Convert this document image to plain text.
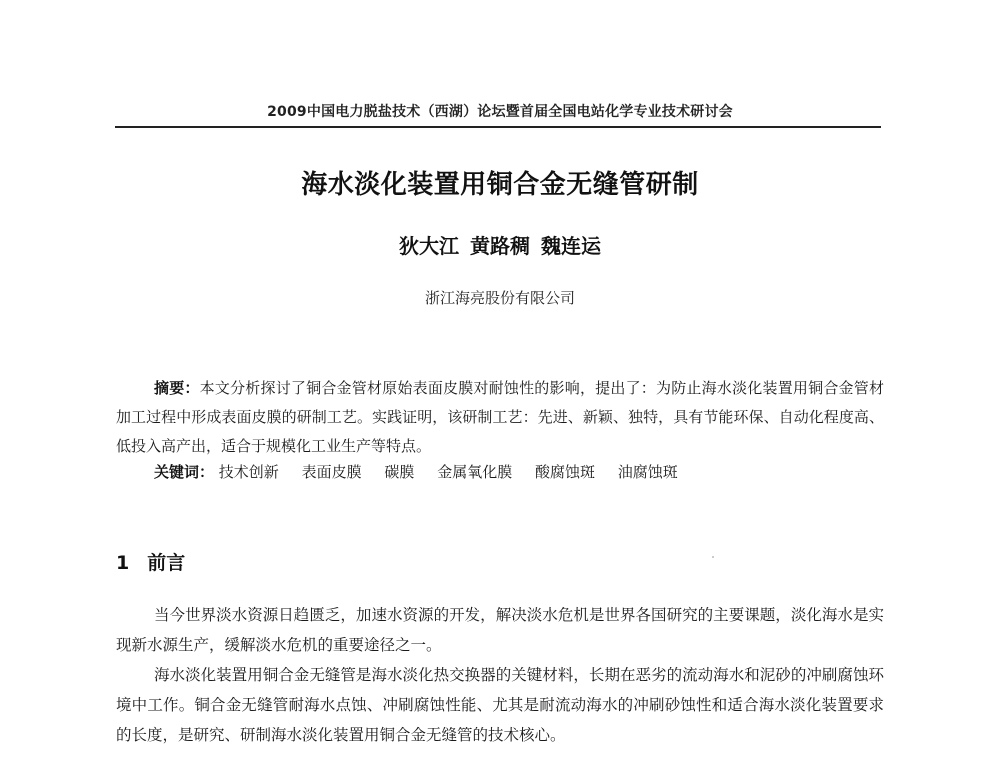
2009中国电力脱盐技术（西湖）论坛暨首届全国电站化学专业技术研讨会
海水淡化装置用铜合金无缝管研制
狄大江 黄路稠 魏连运
浙江海亮股份有限公司
摘要：本文分析探讨了铜合金管材原始表面皮膜对耐蚀性的影响，提出了：为防止海水淡化装置用铜合金管材加工过程中形成表面皮膜的研制工艺。实践证明，该研制工艺：先进、新颖、独特，具有节能环保、自动化程度高、低投入高产出，适合于规模化工业生产等特点。
关键词： 技术创新 表面皮膜 碳膜 金属氧化膜 酸腐蚀斑 油腐蚀斑
1 前言
当今世界淡水资源日趋匮乏，加速水资源的开发，解决淡水危机是世界各国研究的主要课题，淡化海水是实现新水源生产，缓解淡水危机的重要途径之一。
海水淡化装置用铜合金无缝管是海水淡化热交换器的关键材料，长期在恶劣的流动海水和泥砂的冲刷腐蚀环境中工作。铜合金无缝管耐海水点蚀、冲刷腐蚀性能、尤其是耐流动海水的冲刷砂蚀性和适合海水淡化装置要求的长度，是研究、研制海水淡化装置用铜合金无缝管的技术核心。
